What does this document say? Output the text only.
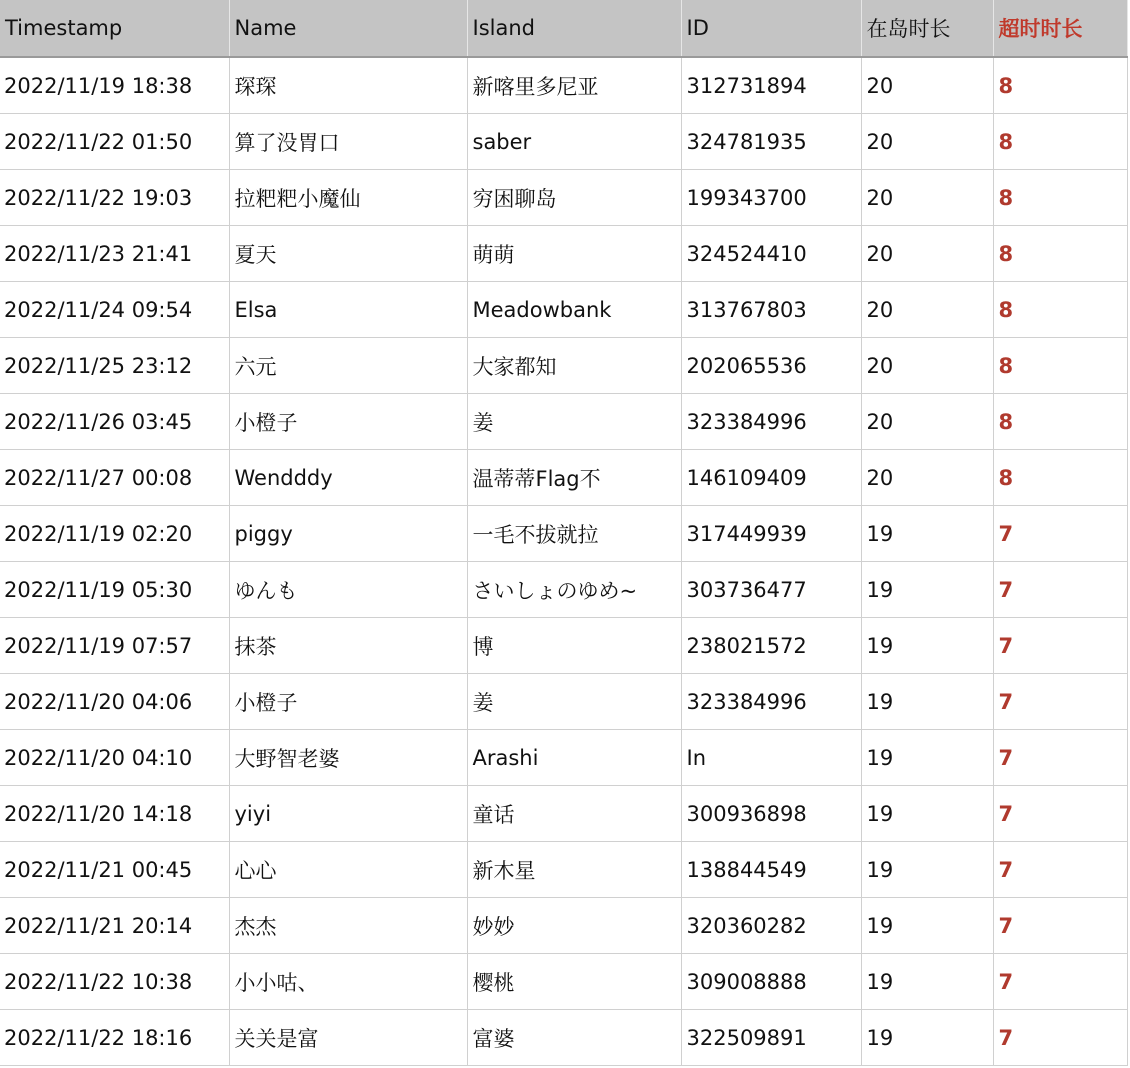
Timestamp	Name	Island	ID	在岛时长	超时时长
2022/11/19 18:38	琛琛	新喀里多尼亚	312731894	20	8
2022/11/22 01:50	算了没胃口	saber	324781935	20	8
2022/11/22 19:03	拉粑粑小魔仙	穷困聊岛	199343700	20	8
2022/11/23 21:41	夏天	萌萌	324524410	20	8
2022/11/24 09:54	Elsa	Meadowbank	313767803	20	8
2022/11/25 23:12	六元	大家都知	202065536	20	8
2022/11/26 03:45	小橙子	姜	323384996	20	8
2022/11/27 00:08	Wendddy	温蒂蒂Flag不	146109409	20	8
2022/11/19 02:20	piggy	一毛不拔就拉	317449939	19	7
2022/11/19 05:30	ゆんも	さいしょのゆめ~	303736477	19	7
2022/11/19 07:57	抹茶	博	238021572	19	7
2022/11/20 04:06	小橙子	姜	323384996	19	7
2022/11/20 04:10	大野智老婆	Arashi	In	19	7
2022/11/20 14:18	yiyi	童话	300936898	19	7
2022/11/21 00:45	心心	新木星	138844549	19	7
2022/11/21 20:14	杰杰	妙妙	320360282	19	7
2022/11/22 10:38	小小咕、	樱桃	309008888	19	7
2022/11/22 18:16	关关是富	富婆	322509891	19	7
